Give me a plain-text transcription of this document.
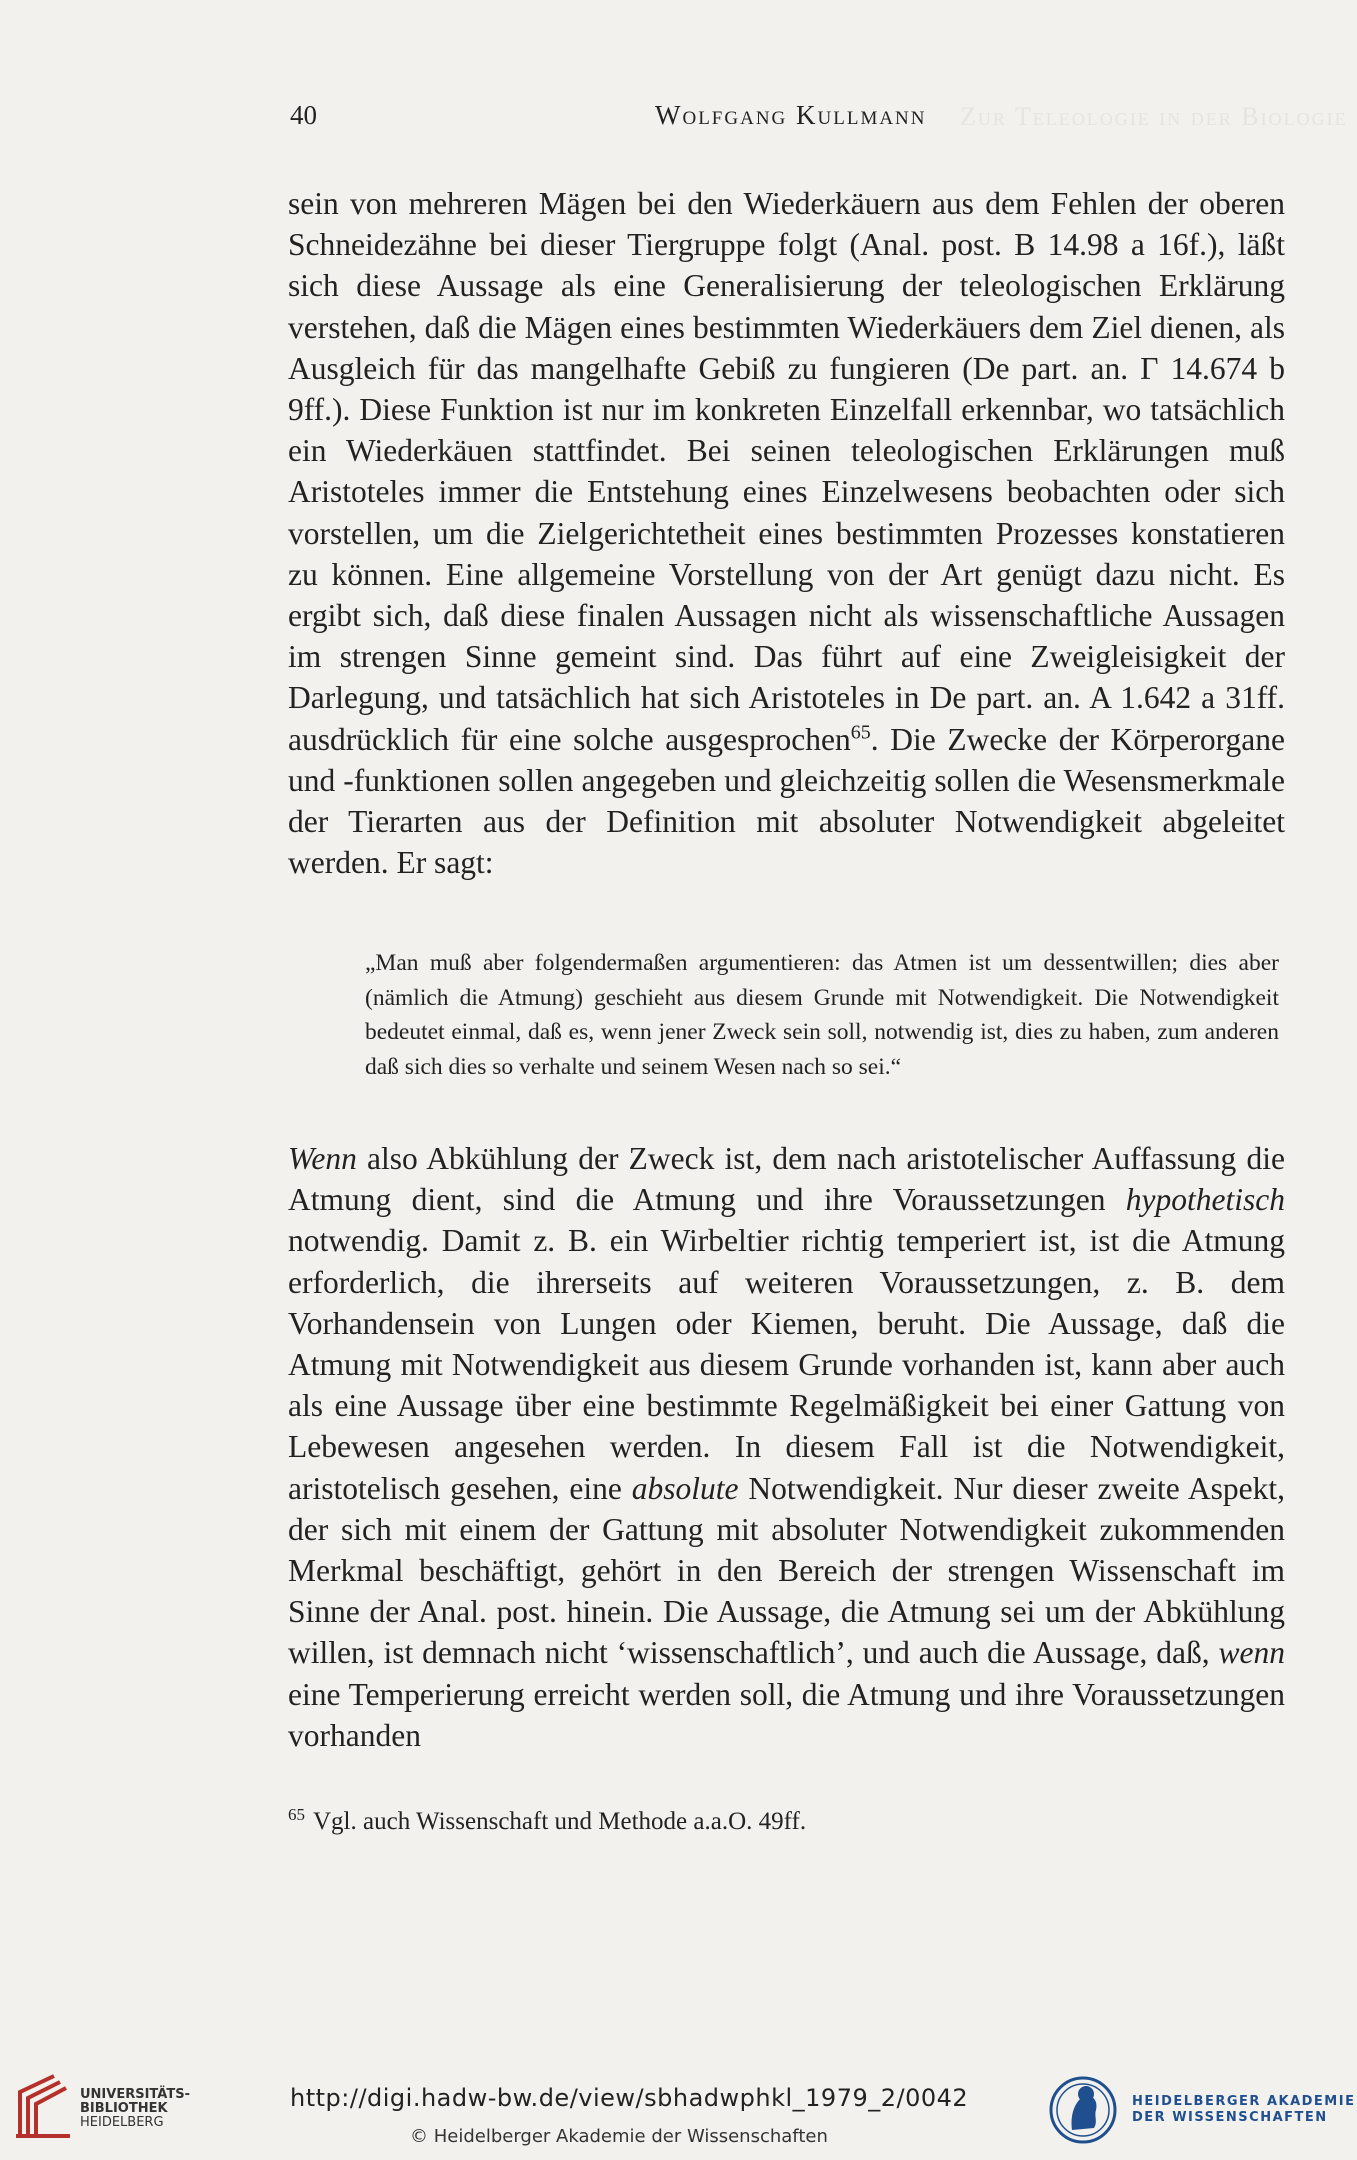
40	Wolfgang Kullmann Zur Teleologie in der Biologie

sein von mehreren Mägen bei den Wiederkäuern aus dem Fehlen der oberen Schneidezähne bei dieser Tiergruppe folgt (Anal. post. B 14.98 a 16f.), läßt sich diese Aussage als eine Generalisierung der teleologischen Erklärung verstehen, daß die Mägen eines bestimmten Wiederkäuers dem Ziel dienen, als Ausgleich für das mangelhafte Gebiß zu fungieren (De part. an. Γ 14.674 b 9ff.). Diese Funktion ist nur im konkreten Einzelfall erkennbar, wo tatsächlich ein Wiederkäuen stattfindet. Bei seinen teleologischen Erklärungen muß Aristoteles immer die Entstehung eines Einzelwesens beobachten oder sich vorstellen, um die Zielgerichtetheit eines bestimmten Prozesses konstatieren zu können. Eine allgemeine Vorstellung von der Art genügt dazu nicht. Es ergibt sich, daß diese finalen Aussagen nicht als wissenschaftliche Aussagen im strengen Sinne gemeint sind. Das führt auf eine Zweigleisigkeit der Darlegung, und tatsächlich hat sich Aristoteles in De part. an. A 1.642 a 31ff. ausdrücklich für eine solche ausgesprochen$^{65}$. Die Zwecke der Körperorgane und -funktionen sollen angegeben und gleichzeitig sollen die Wesensmerkmale der Tierarten aus der Definition mit absoluter Notwendigkeit abgeleitet werden. Er sagt:

„Man muß aber folgendermaßen argumentieren: das Atmen ist um dessentwillen; dies aber (nämlich die Atmung) geschieht aus diesem Grunde mit Notwendigkeit. Die Notwendigkeit bedeutet einmal, daß es, wenn jener Zweck sein soll, notwendig ist, dies zu haben, zum anderen daß sich dies so verhalte und seinem Wesen nach so sei.“

Wenn also Abkühlung der Zweck ist, dem nach aristotelischer Auffassung die Atmung dient, sind die Atmung und ihre Voraussetzungen hypothetisch notwendig. Damit z. B. ein Wirbeltier richtig temperiert ist, ist die Atmung erforderlich, die ihrerseits auf weiteren Voraussetzungen, z. B. dem Vorhandensein von Lungen oder Kiemen, beruht. Die Aussage, daß die Atmung mit Notwendigkeit aus diesem Grunde vorhanden ist, kann aber auch als eine Aussage über eine bestimmte Regelmäßigkeit bei einer Gattung von Lebewesen angesehen werden. In diesem Fall ist die Notwendigkeit, aristotelisch gesehen, eine absolute Notwendigkeit. Nur dieser zweite Aspekt, der sich mit einem der Gattung mit absoluter Notwendigkeit zukommenden Merkmal beschäftigt, gehört in den Bereich der strengen Wissenschaft im Sinne der Anal. post. hinein. Die Aussage, die Atmung sei um der Abkühlung willen, ist demnach nicht ‘wissenschaftlich’, und auch die Aussage, daß, wenn eine Temperierung erreicht werden soll, die Atmung und ihre Voraussetzungen vorhanden

$^{65}$ Vgl. auch Wissenschaft und Methode a.a.O. 49ff.
UNIVERSITÄTS-
BIBLIOTHEK
HEIDELBERG
http://digi.hadw-bw.de/view/sbhadwphkl_1979_2/0042
© Heidelberger Akademie der Wissenschaften
HEIDELBERGER AKADEMIE
DER WISSENSCHAFTEN
